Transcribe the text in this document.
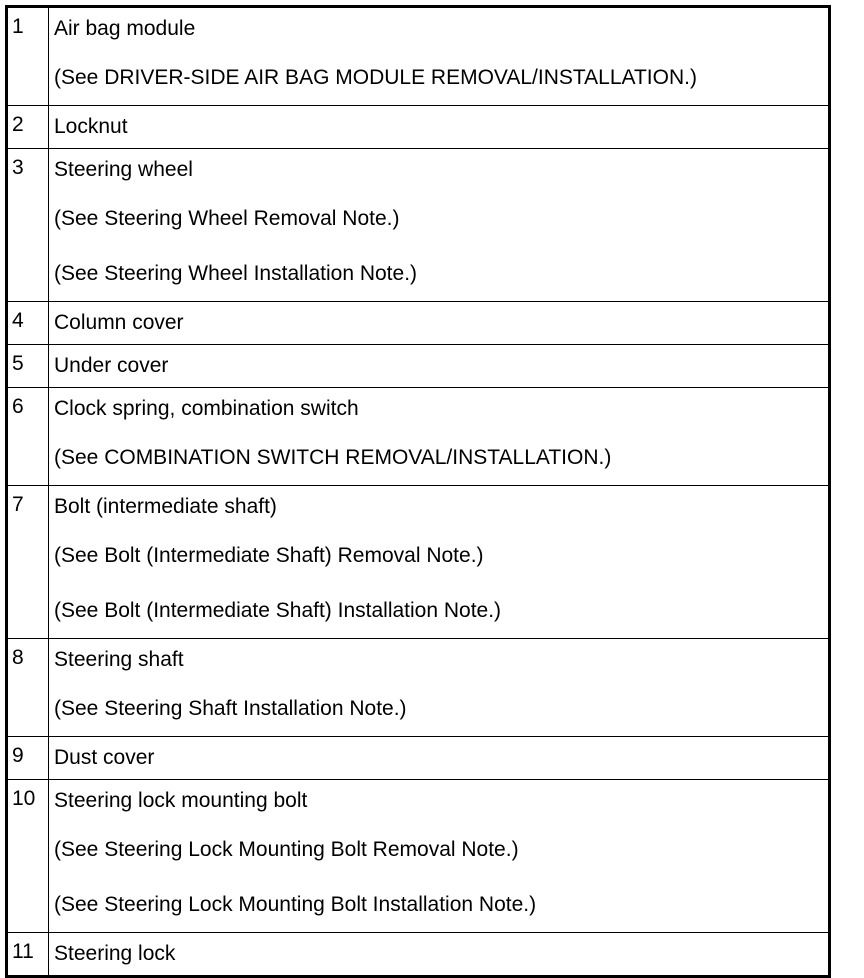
1	Air bag module
(See DRIVER-SIDE AIR BAG MODULE REMOVAL/INSTALLATION.)

2	Locknut

3	Steering wheel
(See Steering Wheel Removal Note.)
(See Steering Wheel Installation Note.)

4	Column cover

5	Under cover

6	Clock spring, combination switch
(See COMBINATION SWITCH REMOVAL/INSTALLATION.)

7	Bolt (intermediate shaft)
(See Bolt (Intermediate Shaft) Removal Note.)
(See Bolt (Intermediate Shaft) Installation Note.)

8	Steering shaft
(See Steering Shaft Installation Note.)

9	Dust cover

10	Steering lock mounting bolt
(See Steering Lock Mounting Bolt Removal Note.)
(See Steering Lock Mounting Bolt Installation Note.)

11	Steering lock
